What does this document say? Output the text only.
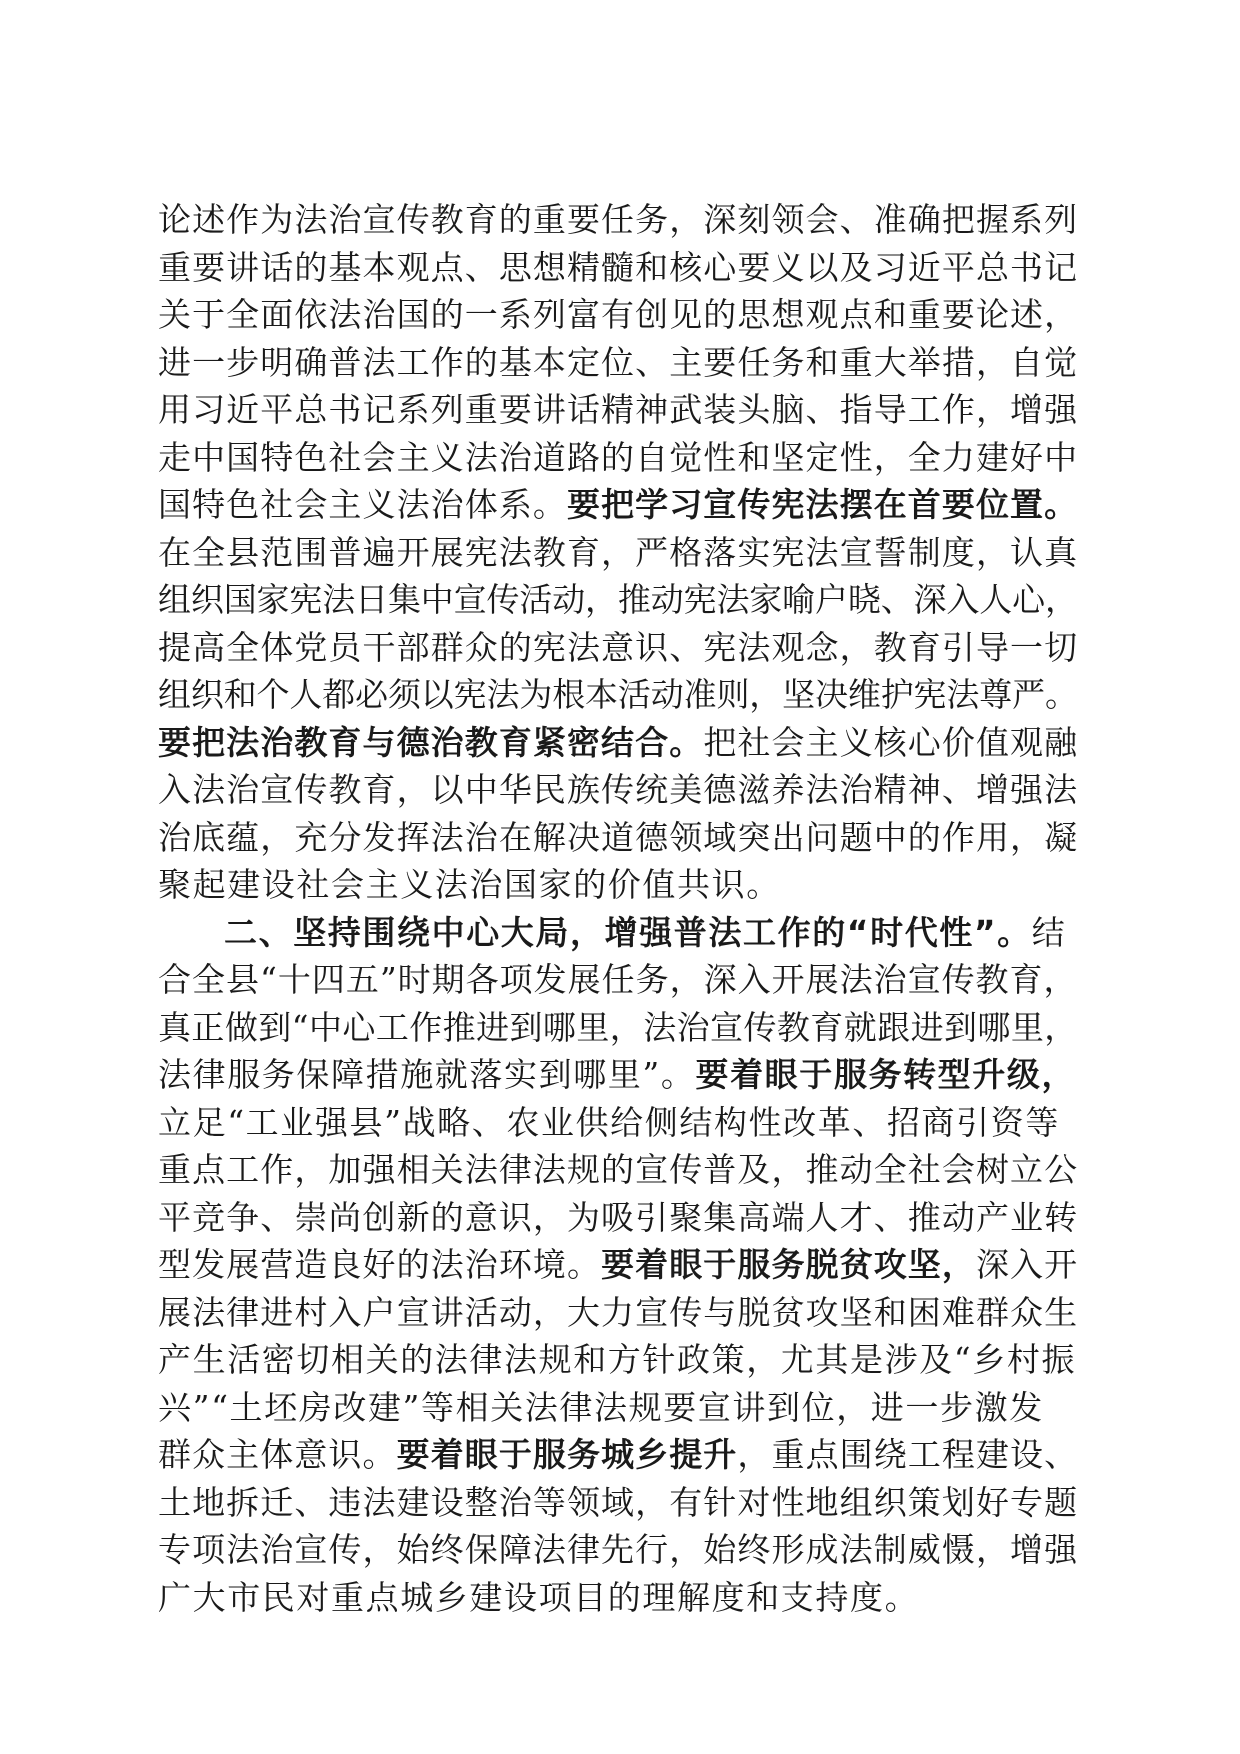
论述作为法治宣传教育的重要任务，深刻领会、准确把握系列
重要讲话的基本观点、思想精髓和核心要义以及习近平总书记
关于全面依法治国的一系列富有创见的思想观点和重要论述，
进一步明确普法工作的基本定位、主要任务和重大举措，自觉
用习近平总书记系列重要讲话精神武装头脑、指导工作，增强
走中国特色社会主义法治道路的自觉性和坚定性，全力建好中
国特色社会主义法治体系。要把学习宣传宪法摆在首要位置。
在全县范围普遍开展宪法教育，严格落实宪法宣誓制度，认真
组织国家宪法日集中宣传活动，推动宪法家喻户晓、深入人心，
提高全体党员干部群众的宪法意识、宪法观念，教育引导一切
组织和个人都必须以宪法为根本活动准则，坚决维护宪法尊严。
要把法治教育与德治教育紧密结合。把社会主义核心价值观融
入法治宣传教育，以中华民族传统美德滋养法治精神、增强法
治底蕴，充分发挥法治在解决道德领域突出问题中的作用，凝
聚起建设社会主义法治国家的价值共识。
二、坚持围绕中心大局，增强普法工作的“时代性”。结
合全县“十四五”时期各项发展任务，深入开展法治宣传教育，
真正做到“中心工作推进到哪里，法治宣传教育就跟进到哪里，
法律服务保障措施就落实到哪里”。要着眼于服务转型升级，
立足“工业强县”战略、农业供给侧结构性改革、招商引资等
重点工作，加强相关法律法规的宣传普及，推动全社会树立公
平竞争、崇尚创新的意识，为吸引聚集高端人才、推动产业转
型发展营造良好的法治环境。要着眼于服务脱贫攻坚，深入开
展法律进村入户宣讲活动，大力宣传与脱贫攻坚和困难群众生
产生活密切相关的法律法规和方针政策，尤其是涉及“乡村振
兴”“土坯房改建”等相关法律法规要宣讲到位，进一步激发
群众主体意识。要着眼于服务城乡提升，重点围绕工程建设、
土地拆迁、违法建设整治等领域，有针对性地组织策划好专题
专项法治宣传，始终保障法律先行，始终形成法制威慑，增强
广大市民对重点城乡建设项目的理解度和支持度。
